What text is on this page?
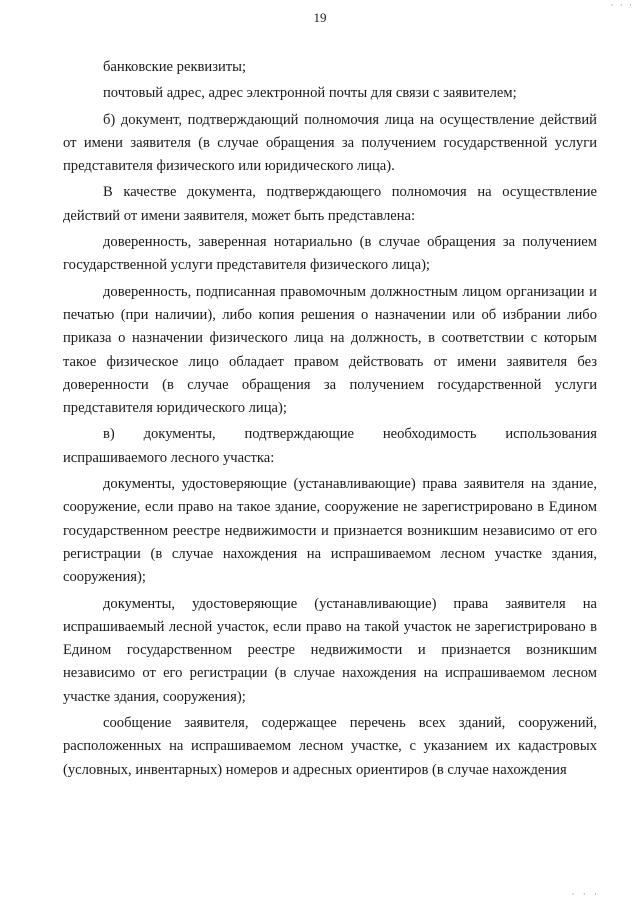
· · ·
19

банковские реквизиты;

почтовый адрес, адрес электронной почты для связи с заявителем;

б) документ, подтверждающий полномочия лица на осуществление действий от имени заявителя (в случае обращения за получением государственной услуги представителя физического или юридического лица).

В качестве документа, подтверждающего полномочия на осуществление действий от имени заявителя, может быть представлена:

доверенность, заверенная нотариально (в случае обращения за получением государственной услуги представителя физического лица);

доверенность, подписанная правомочным должностным лицом организации и печатью (при наличии), либо копия решения о назначении или об избрании либо приказа о назначении физического лица на должность, в соответствии с которым такое физическое лицо обладает правом действовать от имени заявителя без доверенности (в случае обращения за получением государственной услуги представителя юридического лица);

в) документы, подтверждающие необходимость использования испрашиваемого лесного участка:

документы, удостоверяющие (устанавливающие) права заявителя на здание, сооружение, если право на такое здание, сооружение не зарегистрировано в Едином государственном реестре недвижимости и признается возникшим независимо от его регистрации (в случае нахождения на испрашиваемом лесном участке здания, сооружения);

документы, удостоверяющие (устанавливающие) права заявителя на испрашиваемый лесной участок, если право на такой участок не зарегистрировано в Едином государственном реестре недвижимости и признается возникшим независимо от его регистрации (в случае нахождения на испрашиваемом лесном участке здания, сооружения);

сообщение заявителя, содержащее перечень всех зданий, сооружений, расположенных на испрашиваемом лесном участке, с указанием их кадастровых (условных, инвентарных) номеров и адресных ориентиров (в случае нахождения

· · ·
